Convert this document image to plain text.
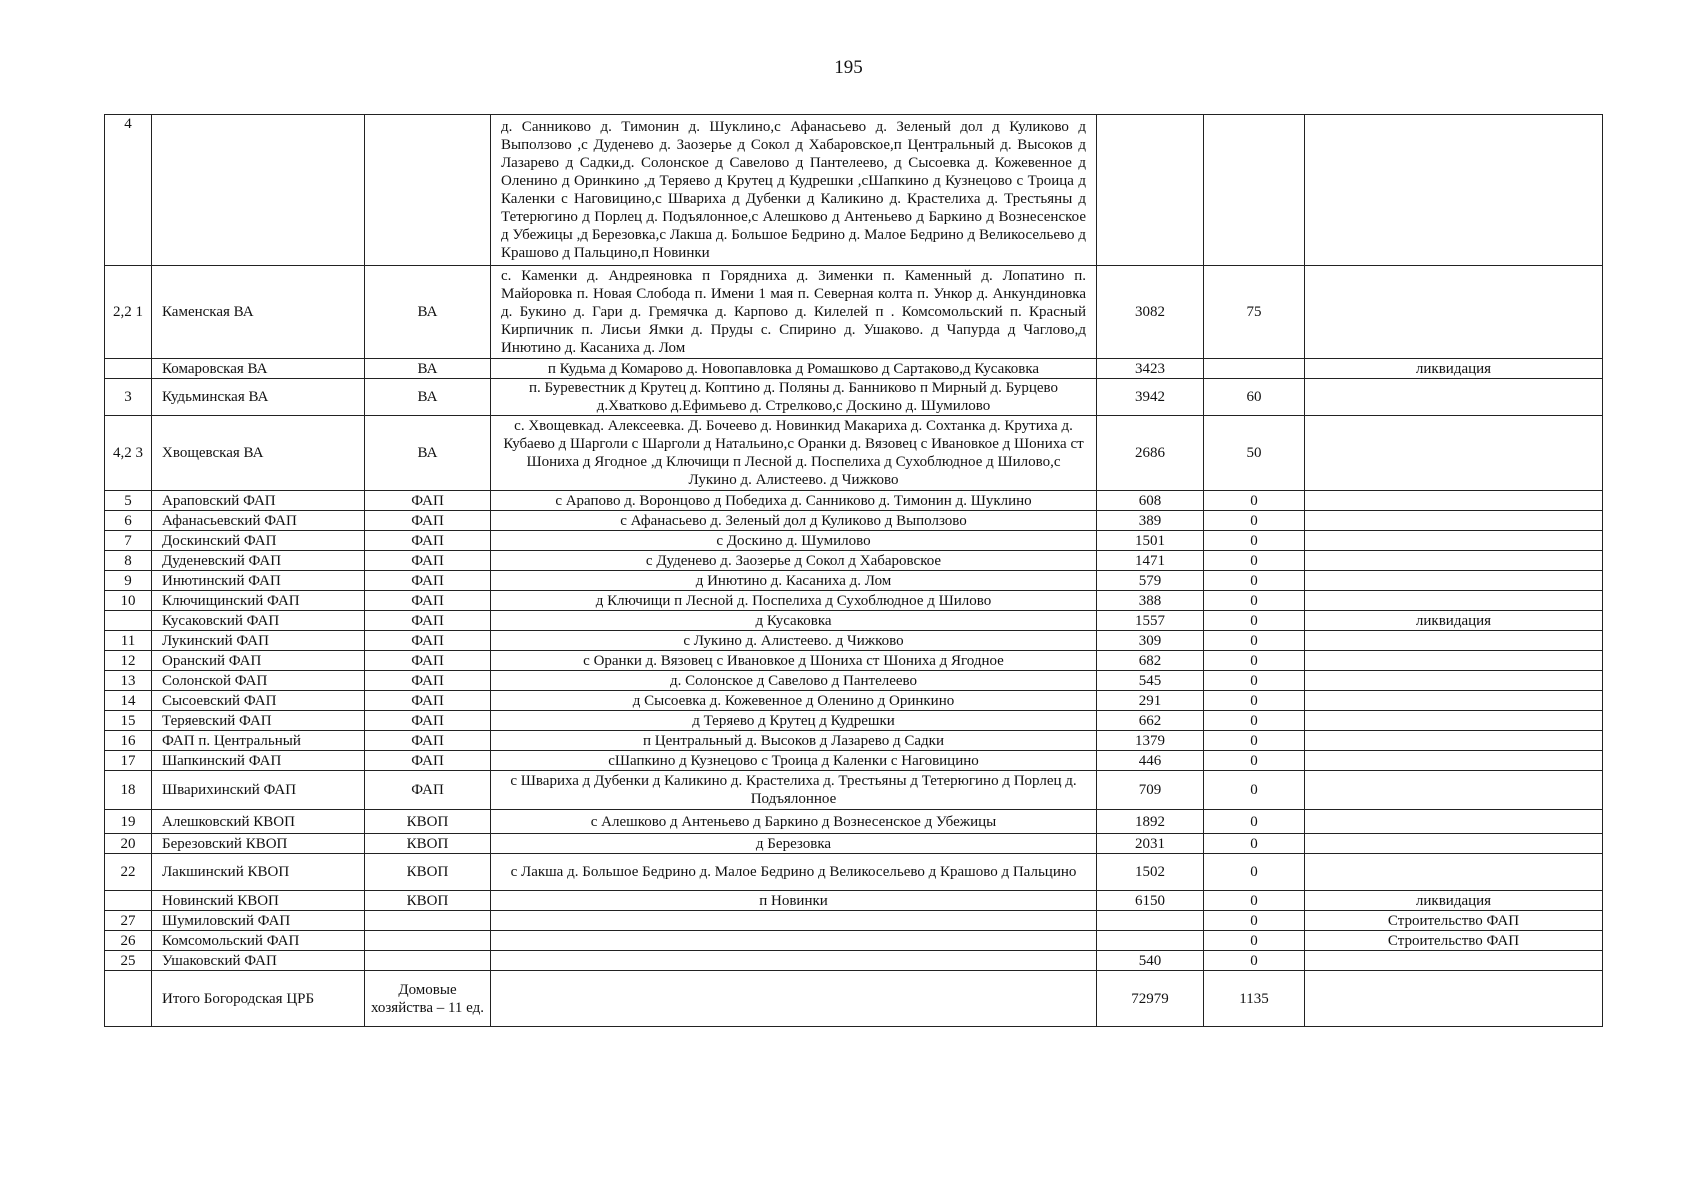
195
4			д. Санниково д. Тимонин д. Шуклино,с Афанасьево д. Зеленый дол д Куликово д Выползово ,с Дуденево д. Заозерье д Сокол д Хабаровское,п Центральный д. Высоков д Лазарево д Садки,д. Солонское д Савелово д Пантелеево, д Сысоевка д. Кожевенное д Оленино д Оринкино ,д Теряево д Крутец д Кудрешки ,сШапкино д Кузнецово с Троица д Каленки с Наговицино,с Швариха д Дубенки д Каликино д. Крастелиха д. Трестьяны д Тетерюгино д Порлец д. Подъялонное,с Алешково д Антеньево д Баркино д Вознесенское д Убежицы ,д Березовка,с Лакша д. Большое Бедрино д. Малое Бедрино д Великосельево д Крашово д Пальцино,п Новинки			
2,2 1	Каменская ВА	ВА	с. Каменки д. Андреяновка п Горядниха д. Зименки п. Каменный д. Лопатино п. Майоровка п. Новая Слобода п. Имени 1 мая п. Северная колта п. Ункор д. Анкундиновка д. Букино д. Гари д. Гремячка д. Карпово д. Килелей п . Комсомольский п. Красный Кирпичник п. Лисьи Ямки д. Пруды с. Спирино д. Ушаково. д Чапурда д Чаглово,д Инютино д. Касаниха д. Лом	3082	75	
	Комаровская ВА	ВА	п Кудьма д Комарово д. Новопавловка д Ромашково д Сартаково,д Кусаковка	3423		ликвидация
3	Кудьминская ВА	ВА	п. Буревестник д Крутец д. Коптино д. Поляны д. Банниково п Мирный д. Бурцево д.Хватково д.Ефимьево д. Стрелково,с Доскино д. Шумилово	3942	60	
4,2 3	Хвощевская ВА	ВА	с. Хвощевкад. Алексеевка. Д. Бочеево д. Новинкид Макариха д. Сохтанка д. Крутиха д. Кубаево д Шарголи с Шарголи д Натальино,с Оранки д. Вязовец с Ивановкое д Шониха ст Шониха д Ягодное ,д Ключищи п Лесной д. Поспелиха д Сухоблюдное д Шилово,с Лукино д. Алистеево. д Чижково	2686	50	
5	Араповский ФАП	ФАП	с Арапово д. Воронцово д Победиха д. Санниково д. Тимонин д. Шуклино	608	0	
6	Афанасьевский ФАП	ФАП	с Афанасьево д. Зеленый дол д Куликово д Выползово	389	0	
7	Доскинский ФАП	ФАП	с Доскино д. Шумилово	1501	0	
8	Дуденевский ФАП	ФАП	с Дуденево д. Заозерье д Сокол д Хабаровское	1471	0	
9	Инютинский ФАП	ФАП	д Инютино д. Касаниха д. Лом	579	0	
10	Ключищинский ФАП	ФАП	д Ключищи п Лесной д. Поспелиха д Сухоблюдное д Шилово	388	0	
	Кусаковский ФАП	ФАП	д Кусаковка	1557	0	ликвидация
11	Лукинский ФАП	ФАП	с Лукино д. Алистеево. д Чижково	309	0	
12	Оранский ФАП	ФАП	с Оранки д. Вязовец с Ивановкое д Шониха ст Шониха д Ягодное	682	0	
13	Солонской ФАП	ФАП	д. Солонское д Савелово д Пантелеево	545	0	
14	Сысоевский ФАП	ФАП	д Сысоевка д. Кожевенное д Оленино д Оринкино	291	0	
15	Теряевский ФАП	ФАП	д Теряево д Крутец д Кудрешки	662	0	
16	ФАП п. Центральный	ФАП	п Центральный д. Высоков д Лазарево д Садки	1379	0	
17	Шапкинский ФАП	ФАП	сШапкино д Кузнецово с Троица д Каленки с Наговицино	446	0	
18	Шварихинский ФАП	ФАП	с Швариха д Дубенки д Каликино д. Крастелиха д. Трестьяны д Тетерюгино д Порлец д. Подъялонное	709	0	
19	Алешковский КВОП	КВОП	с Алешково д Антеньево д Баркино д Вознесенское д Убежицы	1892	0	
20	Березовский КВОП	КВОП	д Березовка	2031	0	
22	Лакшинский КВОП	КВОП	с Лакша д. Большое Бедрино д. Малое Бедрино д Великосельево д Крашово д Пальцино	1502	0	
	Новинский КВОП	КВОП	п Новинки	6150	0	ликвидация
27	Шумиловский ФАП				0	Строительство ФАП
26	Комсомольский ФАП				0	Строительство ФАП
25	Ушаковский ФАП			540	0	
	Итого Богородская ЦРБ	Домовые хозяйства – 11 ед.		72979	1135	
